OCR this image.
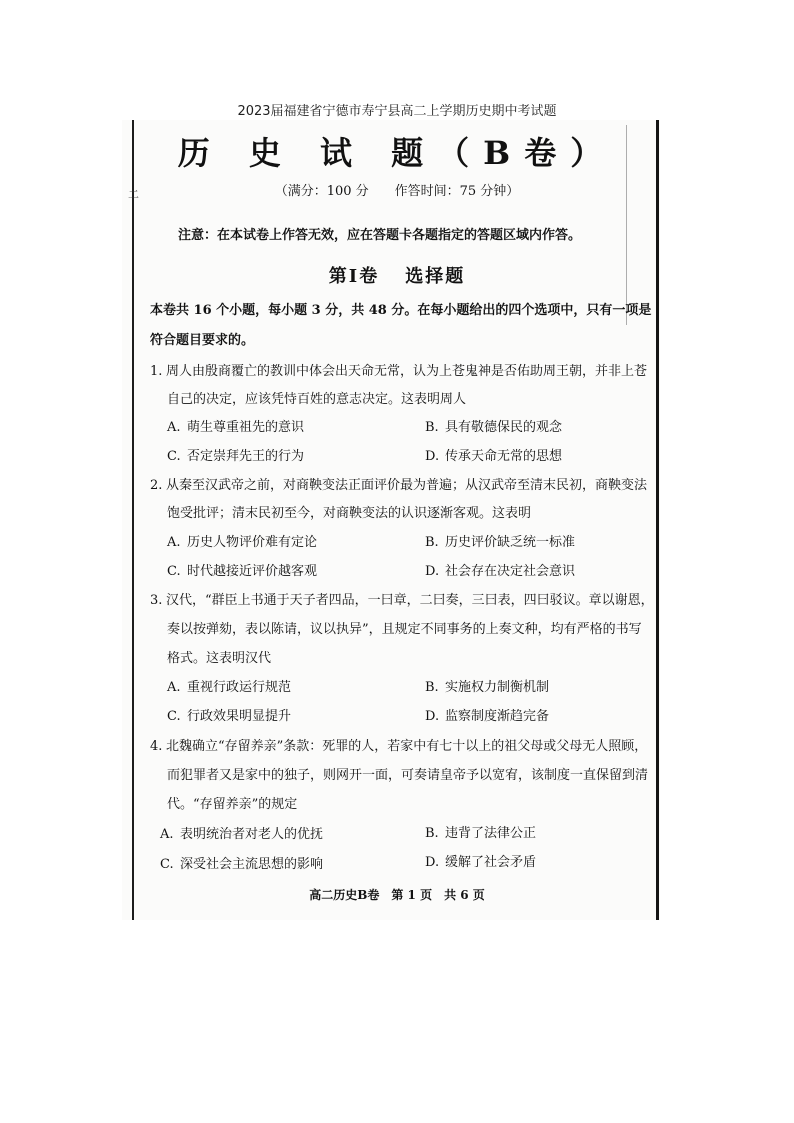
2023届福建省宁德市寿宁县高二上学期历史期中考试题
二
历 史 试 题（B卷）
（满分：100 分　　作答时间：75 分钟）
注意：在本试卷上作答无效，应在答题卡各题指定的答题区域内作答。
第Ⅰ卷 选择题
本卷共 16 个小题，每小题 3 分，共 48 分。在每小题给出的四个选项中，只有一项是
符合题目要求的。
1. 周人由殷商覆亡的教训中体会出天命无常，认为上苍鬼神是否佑助周王朝，并非上苍
自己的决定，应该凭恃百姓的意志决定。这表明周人
A. 萌生尊重祖先的意识	B. 具有敬德保民的观念
C. 否定崇拜先王的行为	D. 传承天命无常的思想
2. 从秦至汉武帝之前，对商鞅变法正面评价最为普遍；从汉武帝至清末民初，商鞅变法
饱受批评；清末民初至今，对商鞅变法的认识逐渐客观。这表明
A. 历史人物评价难有定论	B. 历史评价缺乏统一标准
C. 时代越接近评价越客观	D. 社会存在决定社会意识
3. 汉代，“群臣上书通于天子者四品，一曰章，二曰奏，三曰表，四曰驳议。章以谢恩，
奏以按弹劾，表以陈请，议以执异”，且规定不同事务的上奏文种，均有严格的书写
格式。这表明汉代
A. 重视行政运行规范	B. 实施权力制衡机制
C. 行政效果明显提升	D. 监察制度渐趋完备
4. 北魏确立“存留养亲”条款：死罪的人，若家中有七十以上的祖父母或父母无人照顾，
而犯罪者又是家中的独子，则网开一面，可奏请皇帝予以宽宥，该制度一直保留到清
代。“存留养亲”的规定
A. 表明统治者对老人的优抚	B. 违背了法律公正
C. 深受社会主流思想的影响	D. 缓解了社会矛盾
高二历史B卷　第 1 页　共 6 页
